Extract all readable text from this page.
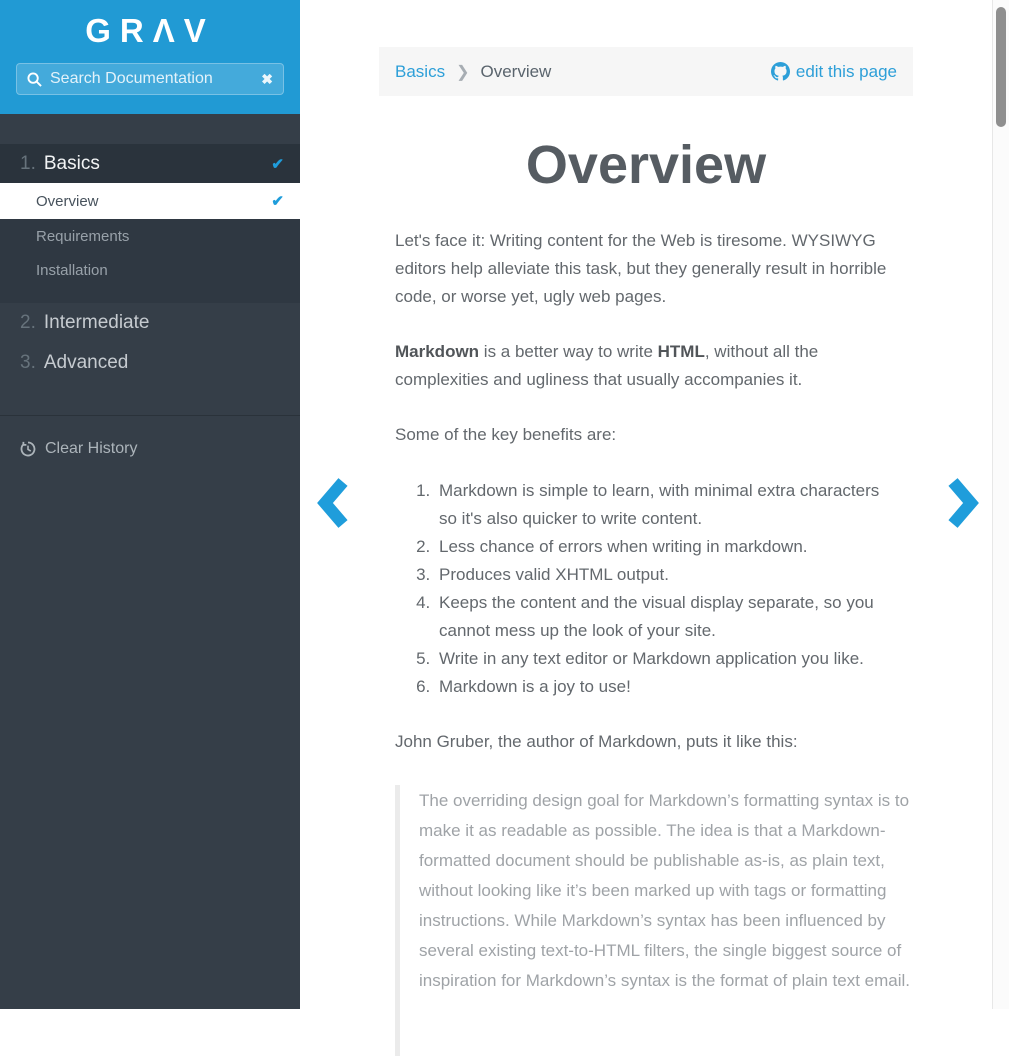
GRΛV
Search Documentation
✖
1. Basics	✔
Overview	✔
Requirements
Installation
2. Intermediate
3. Advanced
Clear History
Basics ❯ Overview	edit this page
Overview

Let's face it: Writing content for the Web is tiresome. WYSIWYG editors help alleviate this task, but they generally result in horrible code, or worse yet, ugly web pages.

Markdown is a better way to write HTML, without all the complexities and ugliness that usually accompanies it.

Some of the key benefits are:

1. Markdown is simple to learn, with minimal extra characters so it's also quicker to write content.
2. Less chance of errors when writing in markdown.
3. Produces valid XHTML output.
4. Keeps the content and the visual display separate, so you cannot mess up the look of your site.
5. Write in any text editor or Markdown application you like.
6. Markdown is a joy to use!

John Gruber, the author of Markdown, puts it like this:

The overriding design goal for Markdown’s formatting syntax is to make it as readable as possible. The idea is that a Markdown-formatted document should be publishable as-is, as plain text, without looking like it’s been marked up with tags or formatting instructions. While Markdown’s syntax has been influenced by several existing text-to-HTML filters, the single biggest source of inspiration for Markdown’s syntax is the format of plain text email.
